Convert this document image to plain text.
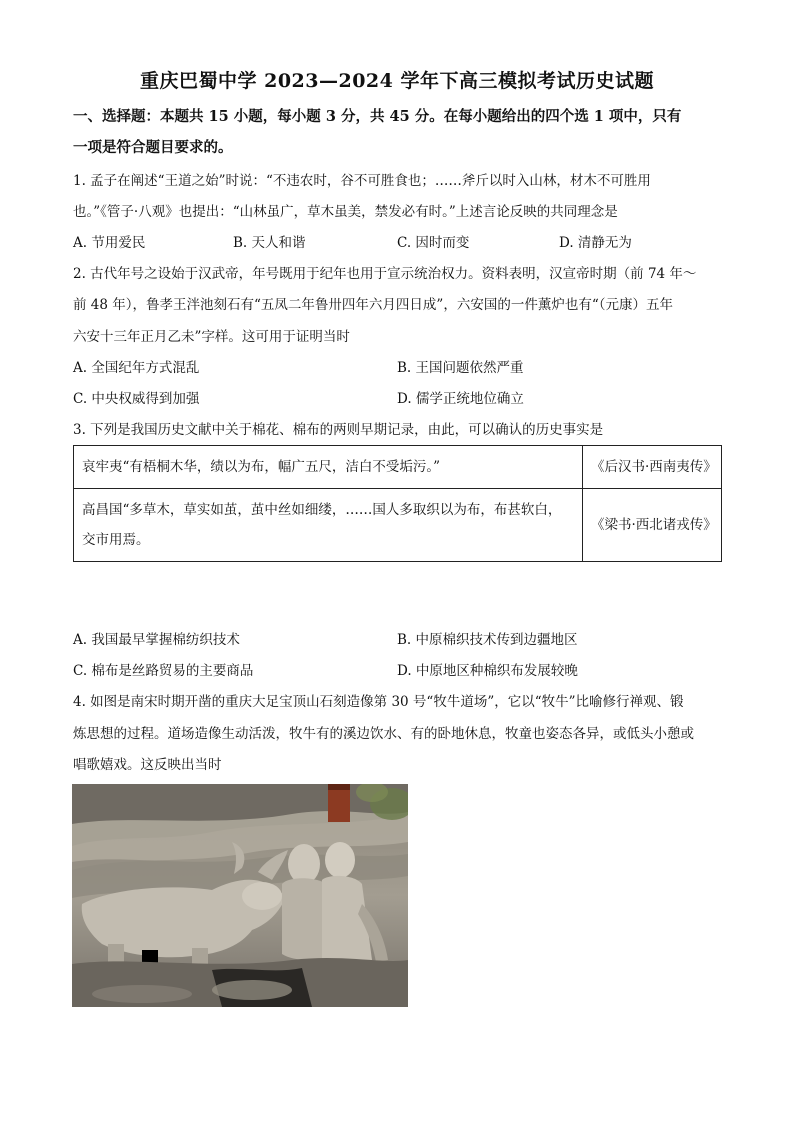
重庆巴蜀中学 2023—2024 学年下高三模拟考试历史试题
一、选择题：本题共 15 小题，每小题 3 分，共 45 分。在每小题给出的四个选 1 项中，只有
一项是符合题目要求的。
1. 孟子在阐述“王道之始”时说：“不违农时，谷不可胜食也；……斧斤以时入山林，材木不可胜用
也。”《管子·八观》也提出：“山林虽广，草木虽美，禁发必有时。”上述言论反映的共同理念是
A. 节用爱民	B. 天人和谐	C. 因时而变	D. 清静无为
2. 古代年号之设始于汉武帝，年号既用于纪年也用于宣示统治权力。资料表明，汉宣帝时期（前 74 年～
前 48 年），鲁孝王泮池刻石有“五凤二年鲁卅四年六月四日成”，六安国的一件薰炉也有“（元康）五年
六安十三年正月乙未”字样。这可用于证明当时
A. 全国纪年方式混乱	B. 王国问题依然严重
C. 中央权威得到加强	D. 儒学正统地位确立
3. 下列是我国历史文献中关于棉花、棉布的两则早期记录，由此，可以确认的历史事实是
哀牢夷“有梧桐木华，绩以为布，幅广五尺，洁白不受垢污。”	《后汉书·西南夷传》
高昌国“多草木，草实如茧，茧中丝如细缕，……国人多取织以为布，布甚软白，交市用焉。	《梁书·西北诸戎传》
A. 我国最早掌握棉纺织技术	B. 中原棉织技术传到边疆地区
C. 棉布是丝路贸易的主要商品	D. 中原地区种棉织布发展较晚
4. 如图是南宋时期开凿的重庆大足宝顶山石刻造像第 30 号“牧牛道场”，它以“牧牛”比喻修行禅观、锻
炼思想的过程。道场造像生动活泼，牧牛有的溪边饮水、有的卧地休息，牧童也姿态各异，或低头小憩或
唱歌嬉戏。这反映出当时
